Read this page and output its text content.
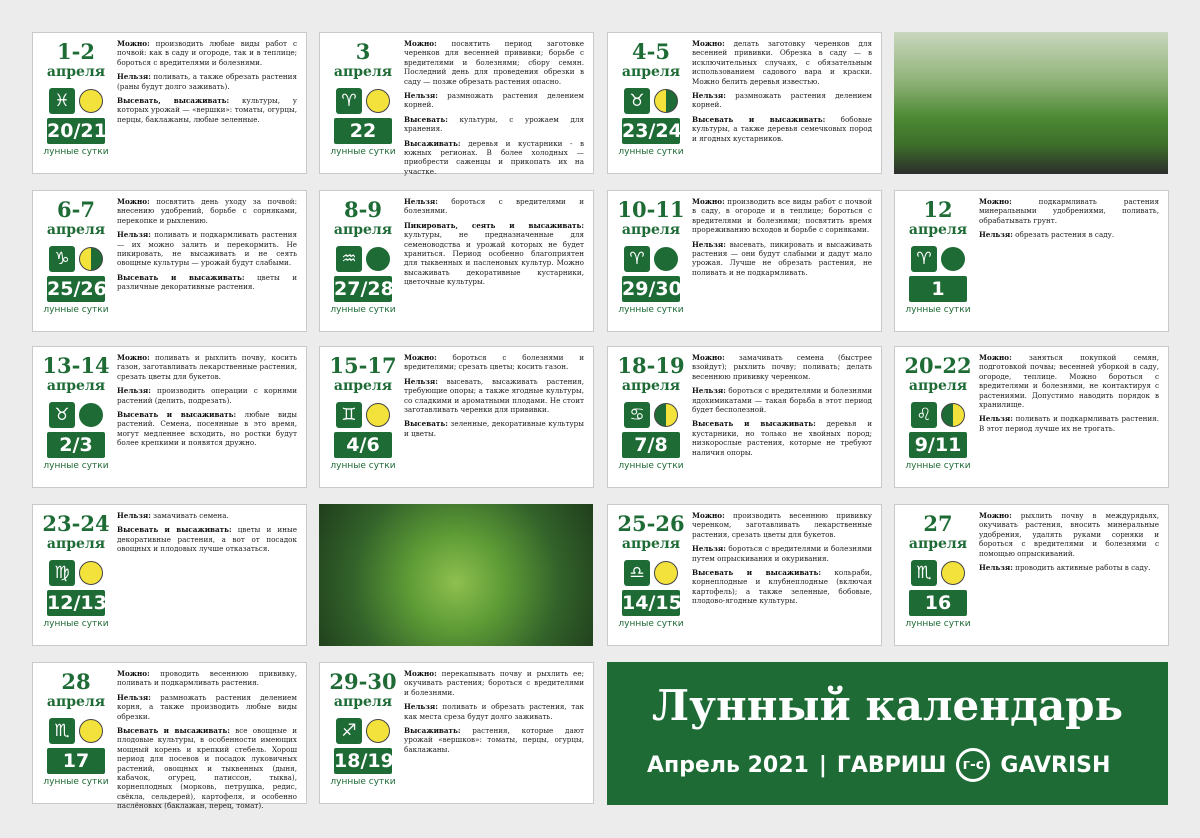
1-2
апреля
♓
20/21
лунные сутки

Можно: производить любые виды работ с почвой: как в саду и огороде, так и в теплице; бороться с вредителями и болезнями.

Нельзя: поливать, а также обрезать растения (раны будут долго заживать).

Высевать, высаживать: культуры, у которых урожай — «вершки»: томаты, огурцы, перцы, баклажаны, любые зеленные.

3
апреля
♈
22
лунные сутки

Можно: посвятить период заготовке черенков для весенней прививки; борьбе с вредителями и болезнями; сбору семян. Последний день для проведения обрезки в саду — позже обрезать растения опасно.

Нельзя: размножать растения делением корней.

Высевать: культуры, с урожаем для хранения.

Высаживать: деревья и кустарники - в южных регионах. В более холодных — приобрести саженцы и прикопать их на участке.

4-5
апреля
♉
23/24
лунные сутки

Можно: делать заготовку черенков для весенней прививки. Обрезка в саду — в исключительных случаях, с обязательным использованием садового вара и краски. Можно белить деревья известью.

Нельзя: размножать растения делением корней.

Высевать и высаживать: бобовые культуры, а также деревья семечковых пород и ягодных кустарников.

6-7
апреля
♑
25/26
лунные сутки

Можно: посвятить день уходу за почвой: внесению удобрений, борьбе с сорняками, перекопке и рыхлению.

Нельзя: поливать и подкармливать растения — их можно залить и перекормить. Не пикировать, не высаживать и не сеять овощные культуры — урожай будут слабыми.

Высевать и высаживать: цветы и различные декоративные растения.

8-9
апреля
♒
27/28
лунные сутки

Нельзя: бороться с вредителями и болезнями.

Пикировать, сеять и высаживать: культуры, не предназначенные для семеноводства и урожай которых не будет храниться. Период особенно благоприятен для тыквенных и пасленовых культур. Можно высаживать декоративные кустарники, цветочные культуры.

10-11
апреля
♈
29/30
лунные сутки

Можно: производить все виды работ с почвой в саду, в огороде и в теплице; бороться с вредителями и болезнями; посвятить время прореживанию всходов и борьбе с сорняками.

Нельзя: высевать, пикировать и высаживать растения — они будут слабыми и дадут мало урожая. Лучше не обрезать растения, не поливать и не подкармливать.

12
апреля
♈
1
лунные сутки

Можно: подкармливать растения минеральными удобрениями, поливать, обрабатывать грунт.

Нельзя: обрезать растения в саду.

13-14
апреля
♉
2/3
лунные сутки

Можно: поливать и рыхлить почву, косить газон, заготавливать лекарственные растения, срезать цветы для букетов.

Нельзя: производить операции с корнями растений (делить, подрезать).

Высевать и высаживать: любые виды растений. Семена, посеянные в это время, могут медленнее всходить, но ростки будут более крепкими и появятся дружно.

15-17
апреля
♊
4/6
лунные сутки

Можно: бороться с болезнями и вредителями; срезать цветы; косить газон.

Нельзя: высевать, высаживать растения, требующие опоры; а также ягодные культуры, со сладкими и ароматными плодами. Не стоит заготавливать черенки для прививки.

Высевать: зеленные, декоративные культуры и цветы.

18-19
апреля
♋
7/8
лунные сутки

Можно: замачивать семена (быстрее взойдут); рыхлить почву; поливать; делать весеннюю прививку черенком.

Нельзя: бороться с вредителями и болезнями ядохимикатами — такая борьба в этот период будет бесполезной.

Высевать и высаживать: деревья и кустарники, но только не хвойных пород; низкорослые растения, которые не требуют наличия опоры.

20-22
апреля
♌
9/11
лунные сутки

Можно: заняться покупкой семян, подготовкой почвы; весенней уборкой в саду, огороде, теплице. Можно бороться с вредителями и болезнями, не контактируя с растениями. Допустимо наводить порядок в хранилище.

Нельзя: поливать и подкармливать растения. В этот период лучше их не трогать.

23-24
апреля
♍
12/13
лунные сутки

Нельзя: замачивать семена.

Высевать и высаживать: цветы и иные декоративные растения, а вот от посадок овощных и плодовых лучше отказаться.

25-26
апреля
♎
14/15
лунные сутки

Можно: производить весеннюю прививку черенком, заготавливать лекарственные растения, срезать цветы для букетов.

Нельзя: бороться с вредителями и болезнями путем опрыскивания и окуривания.

Высевать и высаживать: кольраби, корнеплодные и клубнеплодные (включая картофель); а также зеленные, бобовые, плодово-ягодные культуры.

27
апреля
♏
16
лунные сутки

Можно: рыхлить почву в междурядьях, окучивать растения, вносить минеральные удобрения, удалять руками сорняки и бороться с вредителями и болезнями с помощью опрыскиваний.

Нельзя: проводить активные работы в саду.

28
апреля
♏
17
лунные сутки

Можно: проводить весеннюю прививку, поливать и подкармливать растения.

Нельзя: размножать растения делением корня, а также производить любые виды обрезки.

Высевать и высаживать: все овощные и плодовые культуры, в особенности имеющих мощный корень и крепкий стебель. Хорош период для посевов и посадок луковичных растений, овощных и тыквенных (дыня, кабачок, огурец, патиссон, тыква), корнеплодных (морковь, петрушка, редис, свёкла, сельдерей), картофеля, и особенно паслёновых (баклажан, перец, томат).

29-30
апреля
♐
18/19
лунные сутки

Можно: перекапывать почву и рыхлить ее; окучивать растения; бороться с вредителями и болезнями.

Нельзя: поливать и обрезать растения, так как места среза будут долго заживать.

Высаживать: растения, которые дают урожай «вершков»: томаты, перцы, огурцы, баклажаны.

Лунный календарь
Апрель 2021 | ГАВРИШ г-с GAVRISH
